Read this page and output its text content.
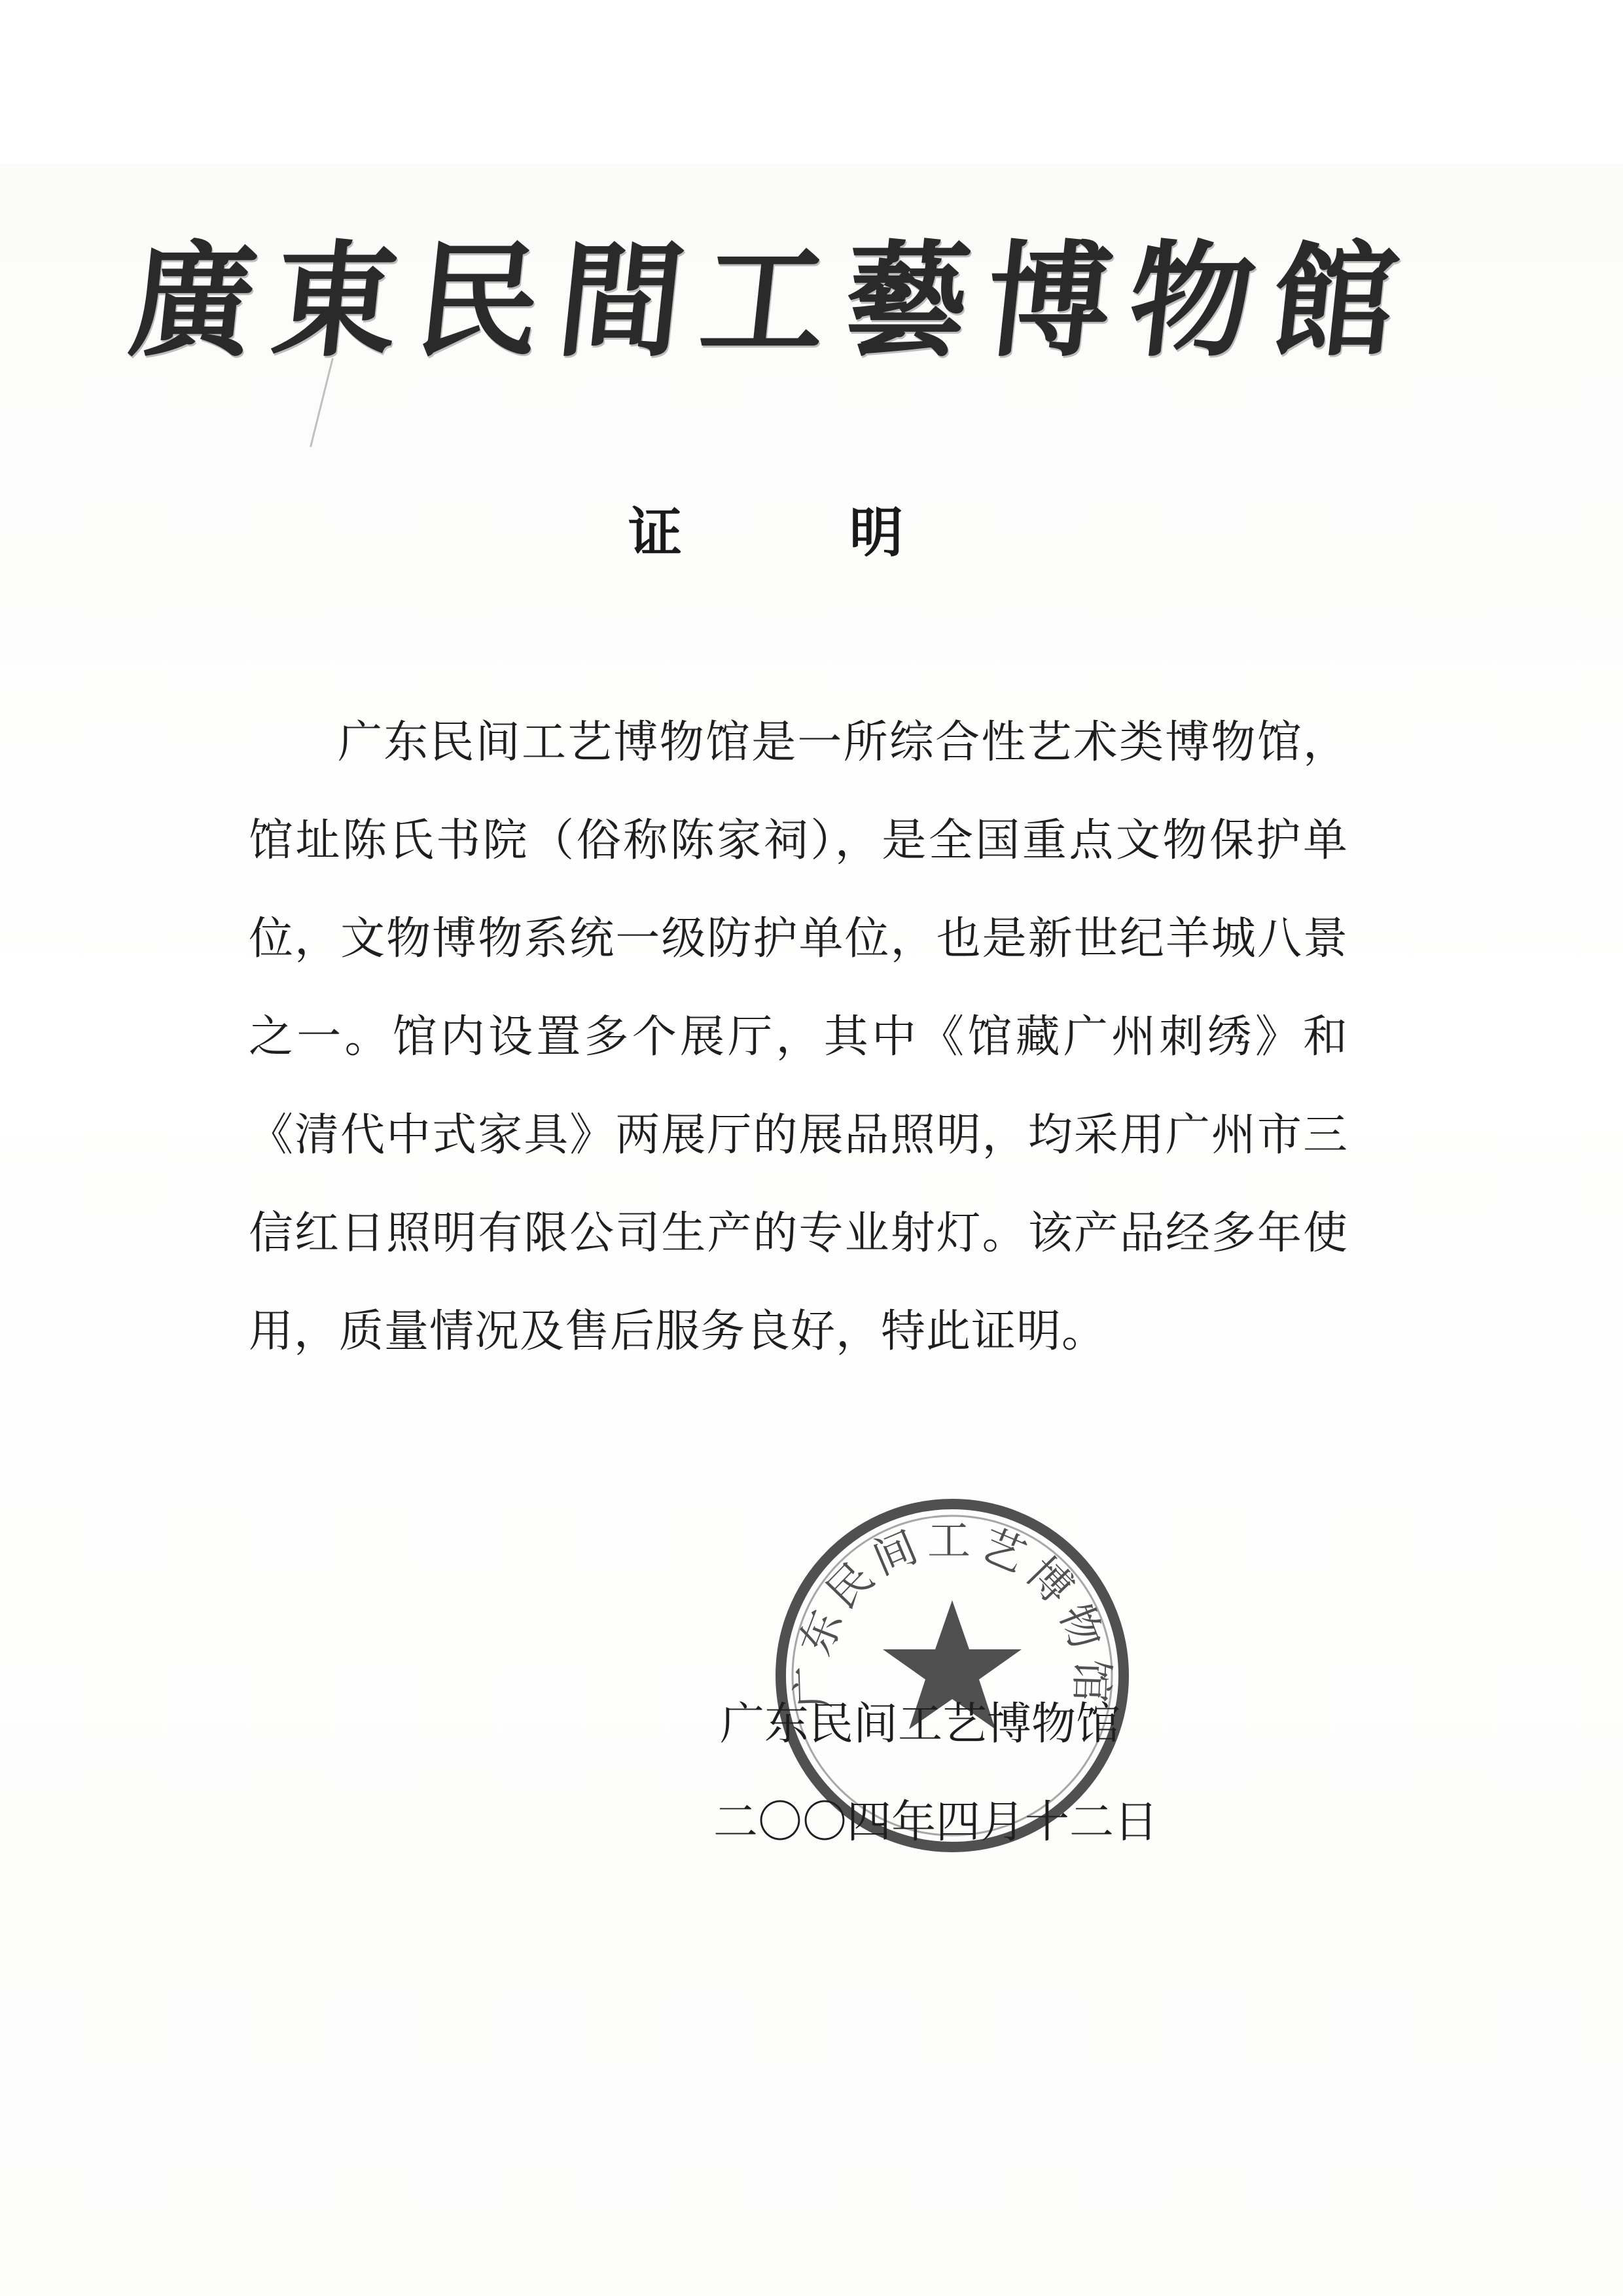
廣東民間工藝博物館
证	明
广东民间工艺博物馆是一所综合性艺术类博物馆，馆址陈氏书院（俗称陈家祠），是全国重点文物保护单位，文物博物系统一级防护单位，也是新世纪羊城八景之一。馆内设置多个展厅，其中《馆藏广州刺绣》和《清代中式家具》两展厅的展品照明，均采用广州市三信红日照明有限公司生产的专业射灯。该产品经多年使用，质量情况及售后服务良好，特此证明。
广东民间工艺博物馆
广东民间工艺博物馆
二〇〇四年四月十二日
